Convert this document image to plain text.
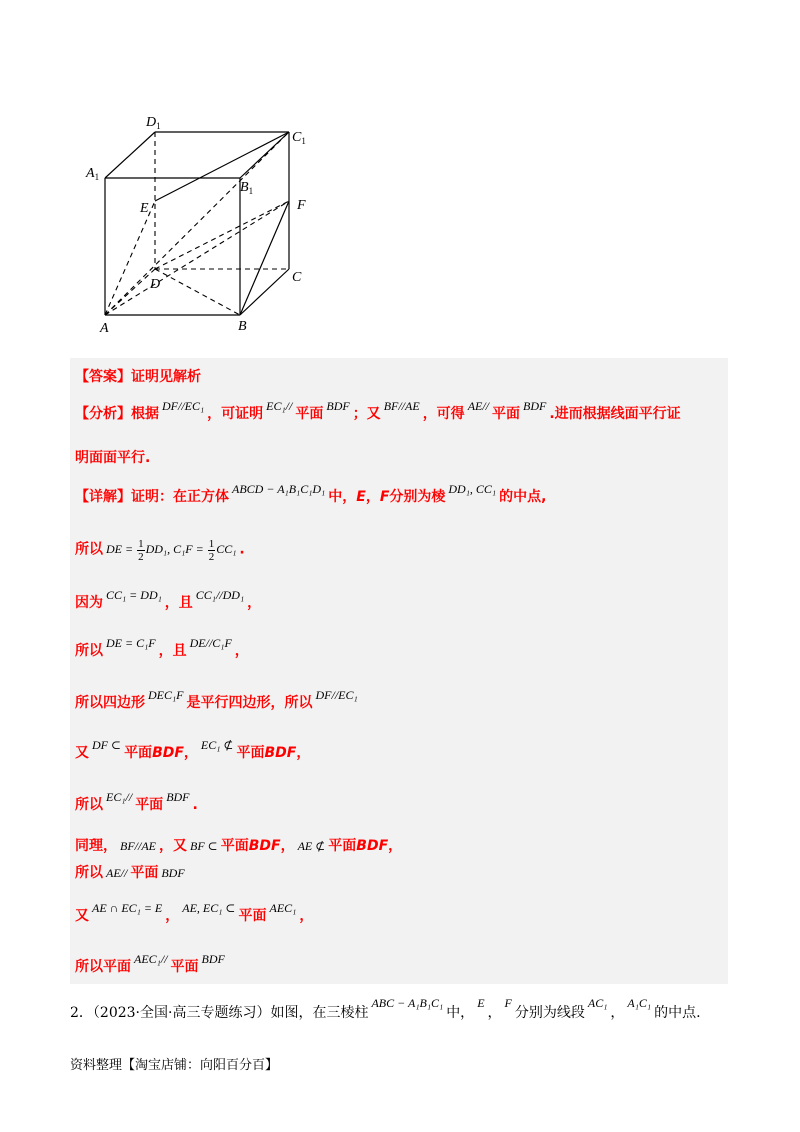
$D_1$
$C_1$
$A_1$
$B_1$
E	F
D	C
A	B
【答案】证明见解析
【分析】根据 DF//EC₁ ，可证明 EC₁// 平面 BDF ；又 BF//AE ，可得 AE// 平面 BDF .进而根据线面平行证
明面面平行.
【详解】证明：在正方体 ABCD − A₁B₁C₁D₁ 中，E，F分别为棱 DD₁, CC₁ 的中点,
所以 DE = $\frac{1}{2} DD_1$, $C_1F = \frac{1}{2} CC_1$ .
因为 CC₁ = DD₁ ，且 CC₁//DD₁ ，
所以 DE = C₁F ，且 DE//C₁F ，
所以四边形 DEC₁F 是平行四边形，所以 DF//EC₁
又 DF ⊂ 平面BDF， EC₁ ⊄ 平面BDF，
所以 EC₁// 平面 BDF .
同理， BF//AE ，又 BF ⊂ 平面BDF， AE ⊄ 平面BDF，
所以 AE// 平面 BDF
又 AE ∩ EC₁ = E ， AE, EC₁ ⊂ 平面 AEC₁ ，
所以平面 AEC₁// 平面 BDF
2．（2023·全国·高三专题练习）如图，在三棱柱ABC − A₁B₁C₁中，E，F分别为线段AC₁，A₁C₁的中点.
资料整理【淘宝店铺：向阳百分百】
